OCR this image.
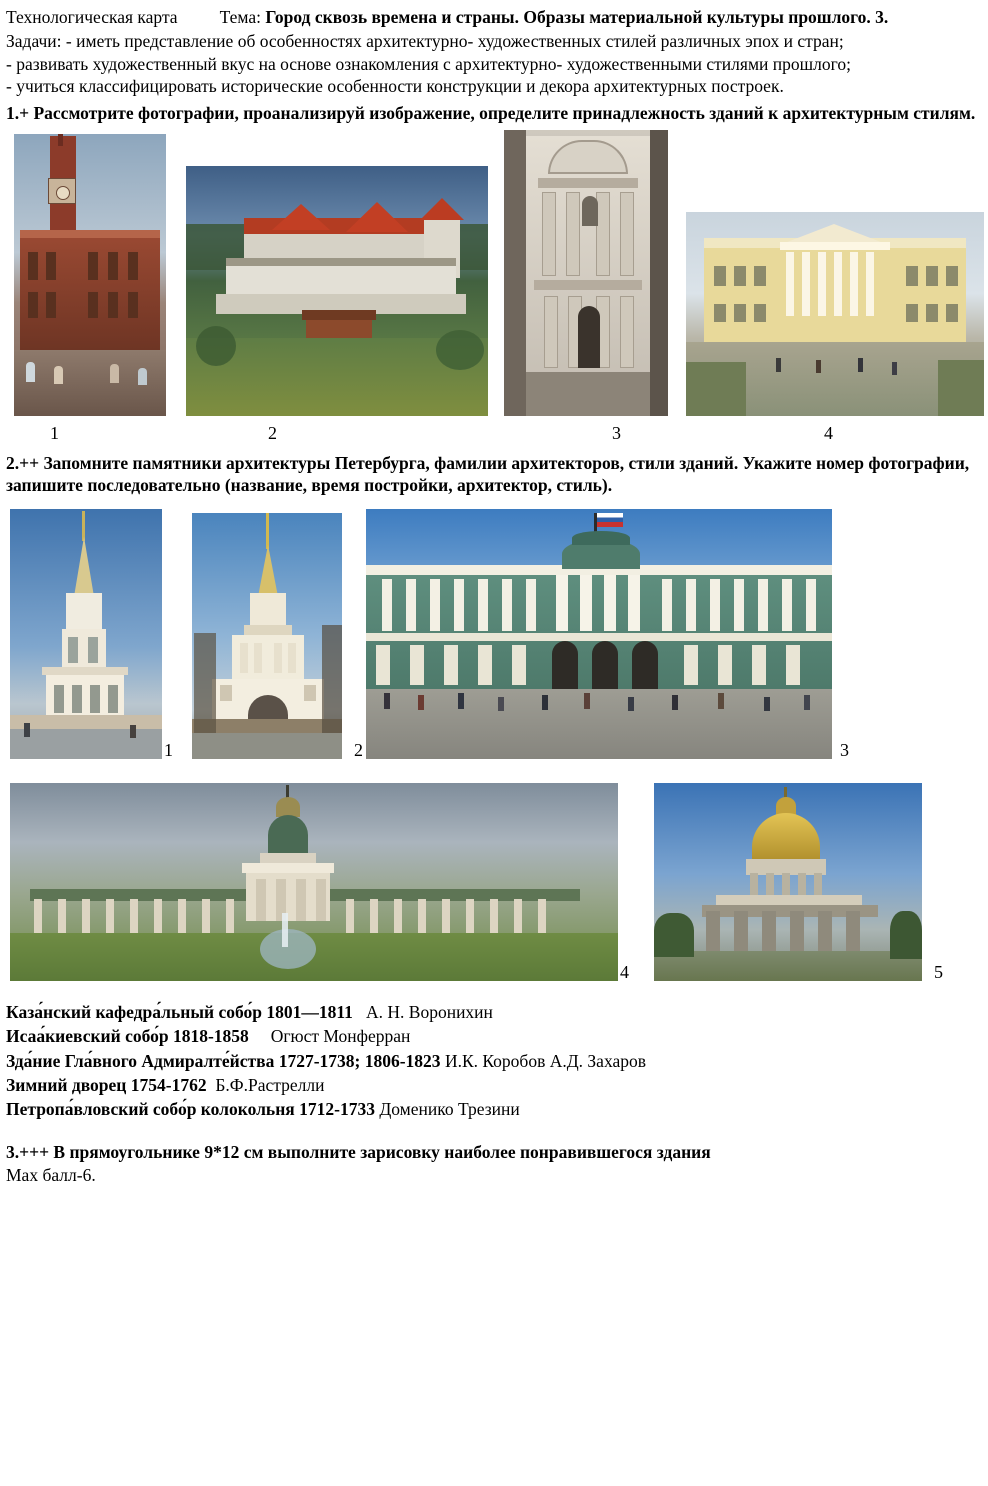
Технологическая карта Тема: Город сквозь времена и страны. Образы материальной культуры прошлого. 3.
Задачи: - иметь представление об особенностях архитектурно- художественных стилей различных эпох и стран;
- развивать художественный вкус на основе ознакомления с архитектурно- художественными стилями прошлого;
- учиться классифицировать исторические особенности конструкции и декора архитектурных построек.
1.+ Рассмотрите фотографии, проанализируй изображение, определите принадлежность зданий к архитектурным стилям.
1	2	3	4
2.++ Запомните памятники архитектуры Петербурга, фамилии архитекторов, стили зданий. Укажите номер фотографии, запишите последовательно (название, время постройки, архитектор, стиль).
1	2	3
4	5
Каза́нский кафедра́льный собо́р 1801—1811 А. Н. Воронихин
Исаа́киевский собо́р 1818-1858 Огюст Монферран
Зда́ние Гла́вного Адмиралте́йства 1727-1738; 1806-1823 И.К. Коробов А.Д. Захаров
Зимний дворец 1754-1762 Б.Ф.Растрелли
Петропа́вловский собо́р колокольня 1712-1733 Доменико Трезини
3.+++ В прямоугольнике 9*12 см выполните зарисовку наиболее понравившегося здания
Max балл-6.
